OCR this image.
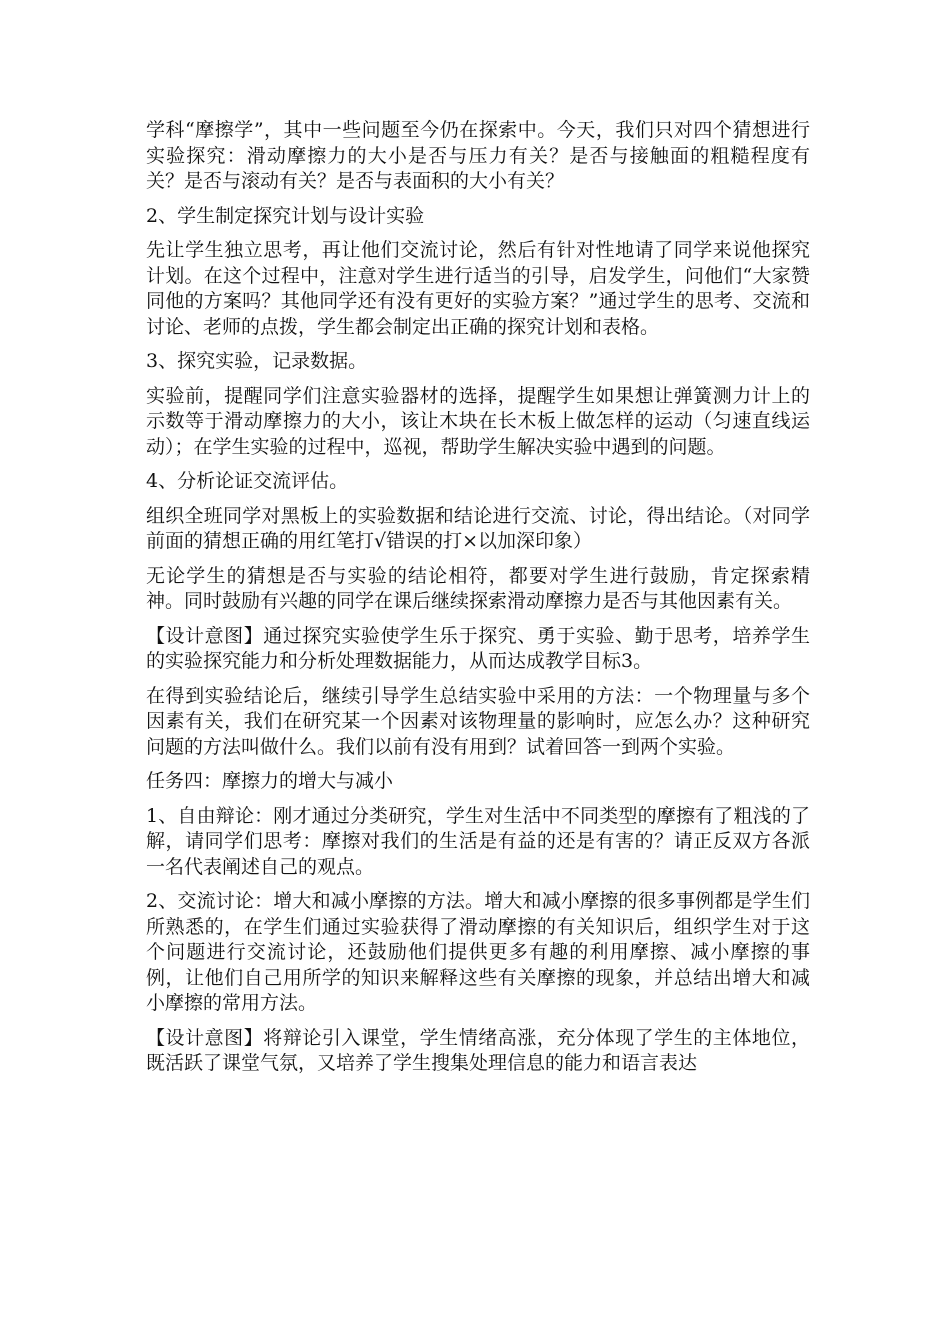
学科“摩擦学”，其中一些问题至今仍在探索中。今天，我们只对四个猜想进行实验探究：滑动摩擦力的大小是否与压力有关？是否与接触面的粗糙程度有关？是否与滚动有关？是否与表面积的大小有关？

2、学生制定探究计划与设计实验

先让学生独立思考，再让他们交流讨论，然后有针对性地请了同学来说他探究计划。在这个过程中，注意对学生进行适当的引导，启发学生，问他们“大家赞同他的方案吗？其他同学还有没有更好的实验方案？”通过学生的思考、交流和讨论、老师的点拨，学生都会制定出正确的探究计划和表格。

3、探究实验，记录数据。

实验前，提醒同学们注意实验器材的选择，提醒学生如果想让弹簧测力计上的示数等于滑动摩擦力的大小，该让木块在长木板上做怎样的运动（匀速直线运动）；在学生实验的过程中，巡视，帮助学生解决实验中遇到的问题。

4、分析论证交流评估。

组织全班同学对黑板上的实验数据和结论进行交流、讨论，得出结论。（对同学前面的猜想正确的用红笔打√错误的打×以加深印象）

无论学生的猜想是否与实验的结论相符，都要对学生进行鼓励，肯定探索精神。同时鼓励有兴趣的同学在课后继续探索滑动摩擦力是否与其他因素有关。

【设计意图】通过探究实验使学生乐于探究、勇于实验、勤于思考，培养学生的实验探究能力和分析处理数据能力，从而达成教学目标3。

在得到实验结论后，继续引导学生总结实验中采用的方法：一个物理量与多个因素有关，我们在研究某一个因素对该物理量的影响时，应怎么办？这种研究问题的方法叫做什么。我们以前有没有用到？试着回答一到两个实验。

任务四：摩擦力的增大与减小

1、自由辩论：刚才通过分类研究，学生对生活中不同类型的摩擦有了粗浅的了解，请同学们思考：摩擦对我们的生活是有益的还是有害的？请正反双方各派一名代表阐述自己的观点。

2、交流讨论：增大和减小摩擦的方法。增大和减小摩擦的很多事例都是学生们所熟悉的，在学生们通过实验获得了滑动摩擦的有关知识后，组织学生对于这个问题进行交流讨论，还鼓励他们提供更多有趣的利用摩擦、减小摩擦的事例，让他们自己用所学的知识来解释这些有关摩擦的现象，并总结出增大和减小摩擦的常用方法。

【设计意图】将辩论引入课堂，学生情绪高涨，充分体现了学生的主体地位，既活跃了课堂气氛，又培养了学生搜集处理信息的能力和语言表达
